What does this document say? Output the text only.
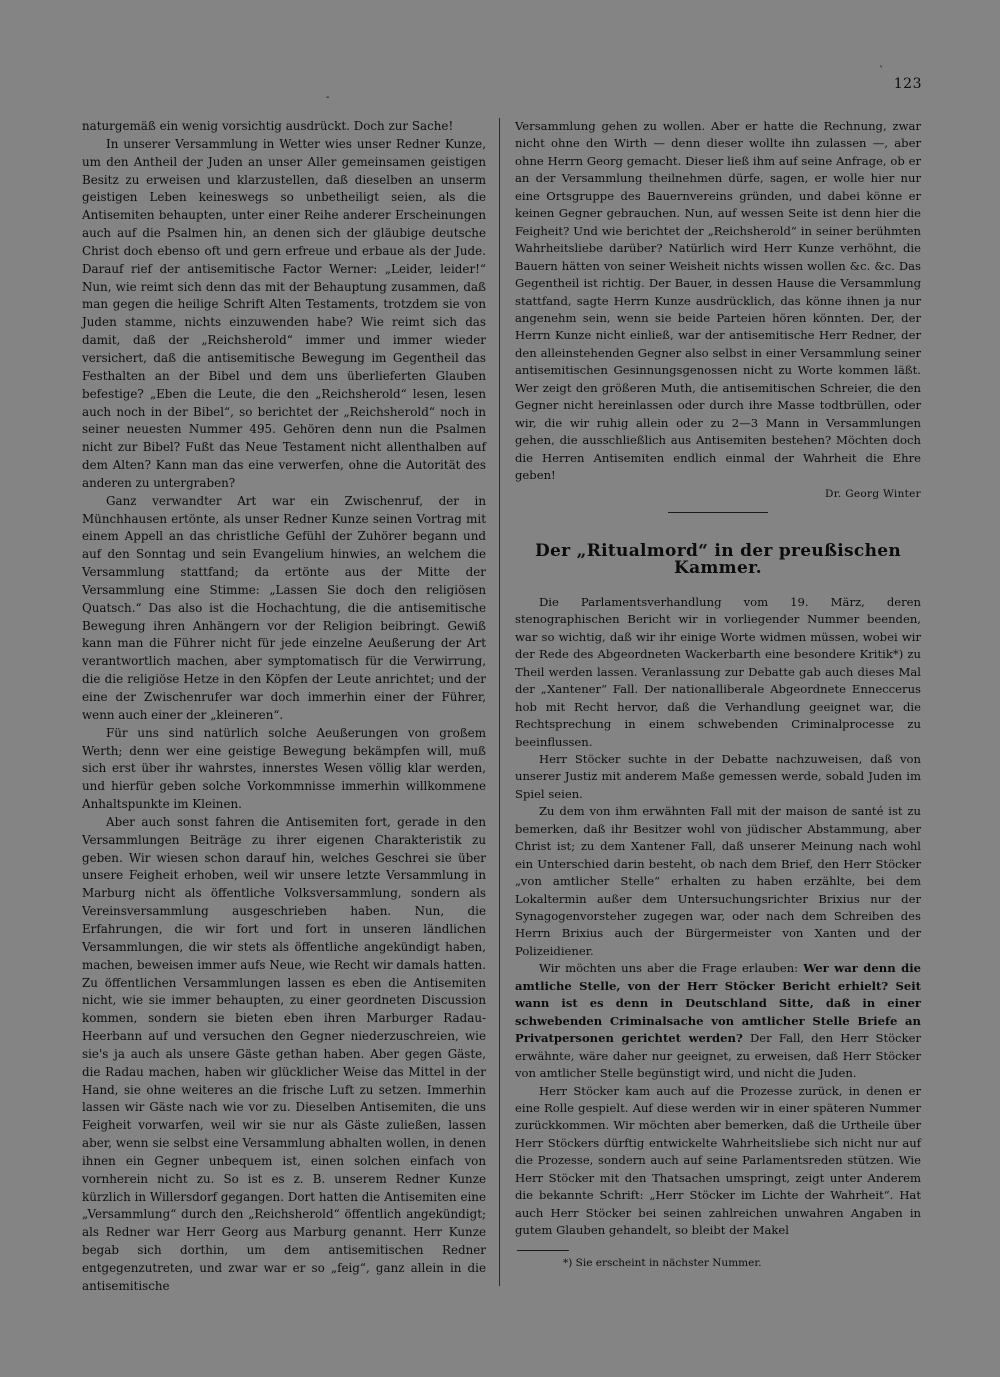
`
123
-

naturgemäß ein wenig vorsichtig ausdrückt. Doch zur Sache!

In unserer Versammlung in Wetter wies unser Redner Kunze, um den Antheil der Juden an unser Aller gemeinsamen geistigen Besitz zu erweisen und klarzustellen, daß dieselben an unserm geistigen Leben keineswegs so unbetheiligt seien, als die Antisemiten behaupten, unter einer Reihe anderer Erscheinungen auch auf die Psalmen hin, an denen sich der gläubige deutsche Christ doch ebenso oft und gern erfreue und erbaue als der Jude. Darauf rief der antisemitische Factor Werner: „Leider, leider!“ Nun, wie reimt sich denn das mit der Behauptung zusammen, daß man gegen die heilige Schrift Alten Testaments, trotzdem sie von Juden stamme, nichts einzuwenden habe? Wie reimt sich das damit, daß der „Reichsherold“ immer und immer wieder versichert, daß die antisemitische Bewegung im Gegentheil das Festhalten an der Bibel und dem uns überlieferten Glauben befestige? „Eben die Leute, die den „Reichsherold“ lesen, lesen auch noch in der Bibel“, so berichtet der „Reichsherold“ noch in seiner neuesten Nummer 495. Gehören denn nun die Psalmen nicht zur Bibel? Fußt das Neue Testament nicht allenthalben auf dem Alten? Kann man das eine verwerfen, ohne die Autorität des anderen zu untergraben?

Ganz verwandter Art war ein Zwischenruf, der in Münchhausen ertönte, als unser Redner Kunze seinen Vortrag mit einem Appell an das christliche Gefühl der Zuhörer begann und auf den Sonntag und sein Evangelium hinwies, an welchem die Versammlung stattfand; da ertönte aus der Mitte der Versammlung eine Stimme: „Lassen Sie doch den religiösen Quatsch.“ Das also ist die Hochachtung, die die antisemitische Bewegung ihren Anhängern vor der Religion beibringt. Gewiß kann man die Führer nicht für jede einzelne Aeußerung der Art verantwortlich machen, aber symptomatisch für die Verwirrung, die die religiöse Hetze in den Köpfen der Leute anrichtet; und der eine der Zwischenrufer war doch immerhin einer der Führer, wenn auch einer der „kleineren“.

Für uns sind natürlich solche Aeußerungen von großem Werth; denn wer eine geistige Bewegung bekämpfen will, muß sich erst über ihr wahrstes, innerstes Wesen völlig klar werden, und hierfür geben solche Vorkommnisse immerhin willkommene Anhaltspunkte im Kleinen.

Aber auch sonst fahren die Antisemiten fort, gerade in den Versammlungen Beiträge zu ihrer eigenen Charakteristik zu geben. Wir wiesen schon darauf hin, welches Geschrei sie über unsere Feigheit erhoben, weil wir unsere letzte Versammlung in Marburg nicht als öffentliche Volksversammlung, sondern als Vereinsversammlung ausgeschrieben haben. Nun, die Erfahrungen, die wir fort und fort in unseren ländlichen Versammlungen, die wir stets als öffentliche angekündigt haben, machen, beweisen immer aufs Neue, wie Recht wir damals hatten. Zu öffentlichen Versammlungen lassen es eben die Antisemiten nicht, wie sie immer behaupten, zu einer geordneten Discussion kommen, sondern sie bieten eben ihren Marburger Radau-Heerbann auf und versuchen den Gegner niederzuschreien, wie sie's ja auch als unsere Gäste gethan haben. Aber gegen Gäste, die Radau machen, haben wir glücklicher Weise das Mittel in der Hand, sie ohne weiteres an die frische Luft zu setzen. Immerhin lassen wir Gäste nach wie vor zu. Dieselben Antisemiten, die uns Feigheit vorwarfen, weil wir sie nur als Gäste zuließen, lassen aber, wenn sie selbst eine Versammlung abhalten wollen, in denen ihnen ein Gegner unbequem ist, einen solchen einfach von vornherein nicht zu. So ist es z. B. unserem Redner Kunze kürzlich in Willersdorf gegangen. Dort hatten die Antisemiten eine „Versammlung“ durch den „Reichsherold“ öffentlich angekündigt; als Redner war Herr Georg aus Marburg genannt. Herr Kunze begab sich dorthin, um dem antisemitischen Redner entgegenzutreten, und zwar war er so „feig“, ganz allein in die antisemitische

Versammlung gehen zu wollen. Aber er hatte die Rechnung, zwar nicht ohne den Wirth — denn dieser wollte ihn zulassen —, aber ohne Herrn Georg gemacht. Dieser ließ ihm auf seine Anfrage, ob er an der Versammlung theilnehmen dürfe, sagen, er wolle hier nur eine Ortsgruppe des Bauernvereins gründen, und dabei könne er keinen Gegner gebrauchen. Nun, auf wessen Seite ist denn hier die Feigheit? Und wie berichtet der „Reichsherold“ in seiner berühmten Wahrheitsliebe darüber? Natürlich wird Herr Kunze verhöhnt, die Bauern hätten von seiner Weisheit nichts wissen wollen &c. &c. Das Gegentheil ist richtig. Der Bauer, in dessen Hause die Versammlung stattfand, sagte Herrn Kunze ausdrücklich, das könne ihnen ja nur angenehm sein, wenn sie beide Parteien hören könnten. Der, der Herrn Kunze nicht einließ, war der antisemitische Herr Redner, der den alleinstehenden Gegner also selbst in einer Versammlung seiner antisemitischen Gesinnungsgenossen nicht zu Worte kommen läßt. Wer zeigt den größeren Muth, die antisemitischen Schreier, die den Gegner nicht hereinlassen oder durch ihre Masse todtbrüllen, oder wir, die wir ruhig allein oder zu 2—3 Mann in Versammlungen gehen, die ausschließlich aus Antisemiten bestehen? Möchten doch die Herren Antisemiten endlich einmal der Wahrheit die Ehre geben!

Dr. Georg Winter
Der „Ritualmord“ in der preußischen Kammer.

Die Parlamentsverhandlung vom 19. März, deren stenographischen Bericht wir in vorliegender Nummer beenden, war so wichtig, daß wir ihr einige Worte widmen müssen, wobei wir der Rede des Abgeordneten Wackerbarth eine besondere Kritik*) zu Theil werden lassen. Veranlassung zur Debatte gab auch dieses Mal der „Xantener“ Fall. Der nationalliberale Abgeordnete Enneccerus hob mit Recht hervor, daß die Verhandlung geeignet war, die Rechtsprechung in einem schwebenden Criminalprocesse zu beeinflussen.

Herr Stöcker suchte in der Debatte nachzuweisen, daß von unserer Justiz mit anderem Maße gemessen werde, sobald Juden im Spiel seien.

Zu dem von ihm erwähnten Fall mit der maison de santé ist zu bemerken, daß ihr Besitzer wohl von jüdischer Abstammung, aber Christ ist; zu dem Xantener Fall, daß unserer Meinung nach wohl ein Unterschied darin besteht, ob nach dem Brief, den Herr Stöcker „von amtlicher Stelle“ erhalten zu haben erzählte, bei dem Lokaltermin außer dem Untersuchungsrichter Brixius nur der Synagogenvorsteher zugegen war, oder nach dem Schreiben des Herrn Brixius auch der Bürgermeister von Xanten und der Polizeidiener.

Wir möchten uns aber die Frage erlauben: Wer war denn die amtliche Stelle, von der Herr Stöcker Bericht erhielt? Seit wann ist es denn in Deutschland Sitte, daß in einer schwebenden Criminalsache von amtlicher Stelle Briefe an Privatpersonen gerichtet werden? Der Fall, den Herr Stöcker erwähnte, wäre daher nur geeignet, zu erweisen, daß Herr Stöcker von amtlicher Stelle begünstigt wird, und nicht die Juden.

Herr Stöcker kam auch auf die Prozesse zurück, in denen er eine Rolle gespielt. Auf diese werden wir in einer späteren Nummer zurückkommen. Wir möchten aber bemerken, daß die Urtheile über Herr Stöckers dürftig entwickelte Wahrheitsliebe sich nicht nur auf die Prozesse, sondern auch auf seine Parlamentsreden stützen. Wie Herr Stöcker mit den Thatsachen umspringt, zeigt unter Anderem die bekannte Schrift: „Herr Stöcker im Lichte der Wahrheit“. Hat auch Herr Stöcker bei seinen zahlreichen unwahren Angaben in gutem Glauben gehandelt, so bleibt der Makel

*) Sie erscheint in nächster Nummer.
